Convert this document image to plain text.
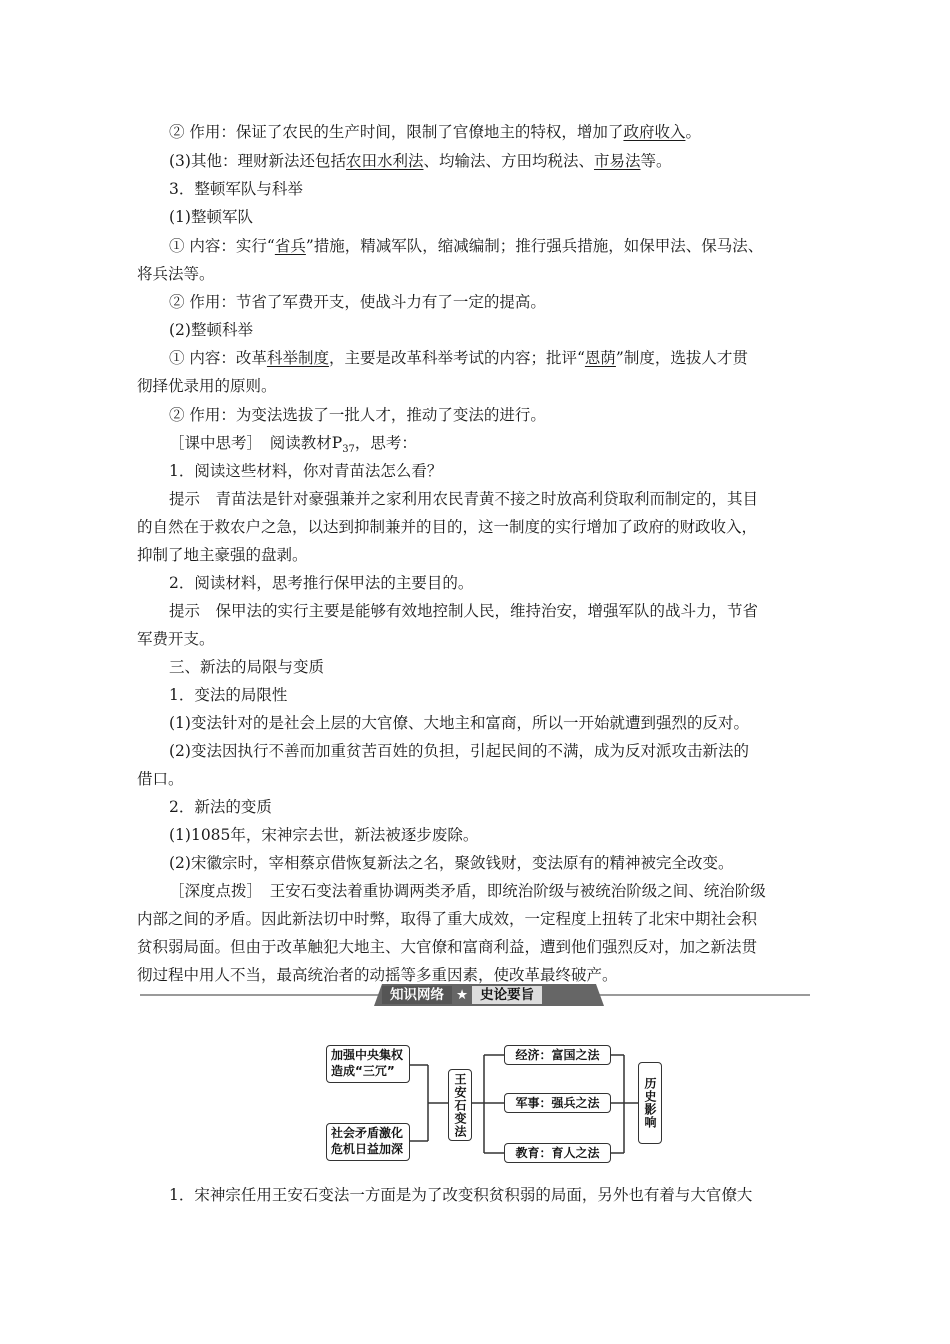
② 作用：保证了农民的生产时间，限制了官僚地主的特权，增加了政府收入。
(3)其他：理财新法还包括农田水利法、均输法、方田均税法、市易法等。
3．整顿军队与科举
(1)整顿军队
① 内容：实行“省兵”措施，精减军队，缩减编制；推行强兵措施，如保甲法、保马法、
将兵法等。
② 作用：节省了军费开支，使战斗力有了一定的提高。
(2)整顿科举
① 内容：改革科举制度，主要是改革科举考试的内容；批评“恩荫”制度，选拔人才贯
彻择优录用的原则。
② 作用：为变法选拔了一批人才，推动了变法的进行。
［课中思考］　阅读教材$P_{37}$，思考：
1．阅读这些材料，你对青苗法怎么看？
提示　青苗法是针对豪强兼并之家利用农民青黄不接之时放高利贷取利而制定的，其目
的自然在于救农户之急，以达到抑制兼并的目的，这一制度的实行增加了政府的财政收入，
抑制了地主豪强的盘剥。
2．阅读材料，思考推行保甲法的主要目的。
提示　保甲法的实行主要是能够有效地控制人民，维持治安，增强军队的战斗力，节省
军费开支。
三、新法的局限与变质
1．变法的局限性
(1)变法针对的是社会上层的大官僚、大地主和富商，所以一开始就遭到强烈的反对。
(2)变法因执行不善而加重贫苦百姓的负担，引起民间的不满，成为反对派攻击新法的
借口。
2．新法的变质
(1)1085年，宋神宗去世，新法被逐步废除。
(2)宋徽宗时，宰相蔡京借恢复新法之名，聚敛钱财，变法原有的精神被完全改变。
［深度点拨］　王安石变法着重协调两类矛盾，即统治阶级与被统治阶级之间、统治阶级
内部之间的矛盾。因此新法切中时弊，取得了重大成效，一定程度上扭转了北宋中期社会积
贫积弱局面。但由于改革触犯大地主、大官僚和富商利益，遭到他们强烈反对，加之新法贯
彻过程中用人不当，最高统治者的动摇等多重因素，使改革最终破产。
知识网络 ★ 史论要旨
加强中央集权造成“三冗”
社会矛盾激化危机日益加深
王安石变法
经济：富国之法
军事：强兵之法
教育：育人之法
历史影响
1．宋神宗任用王安石变法一方面是为了改变积贫积弱的局面，另外也有着与大官僚大
